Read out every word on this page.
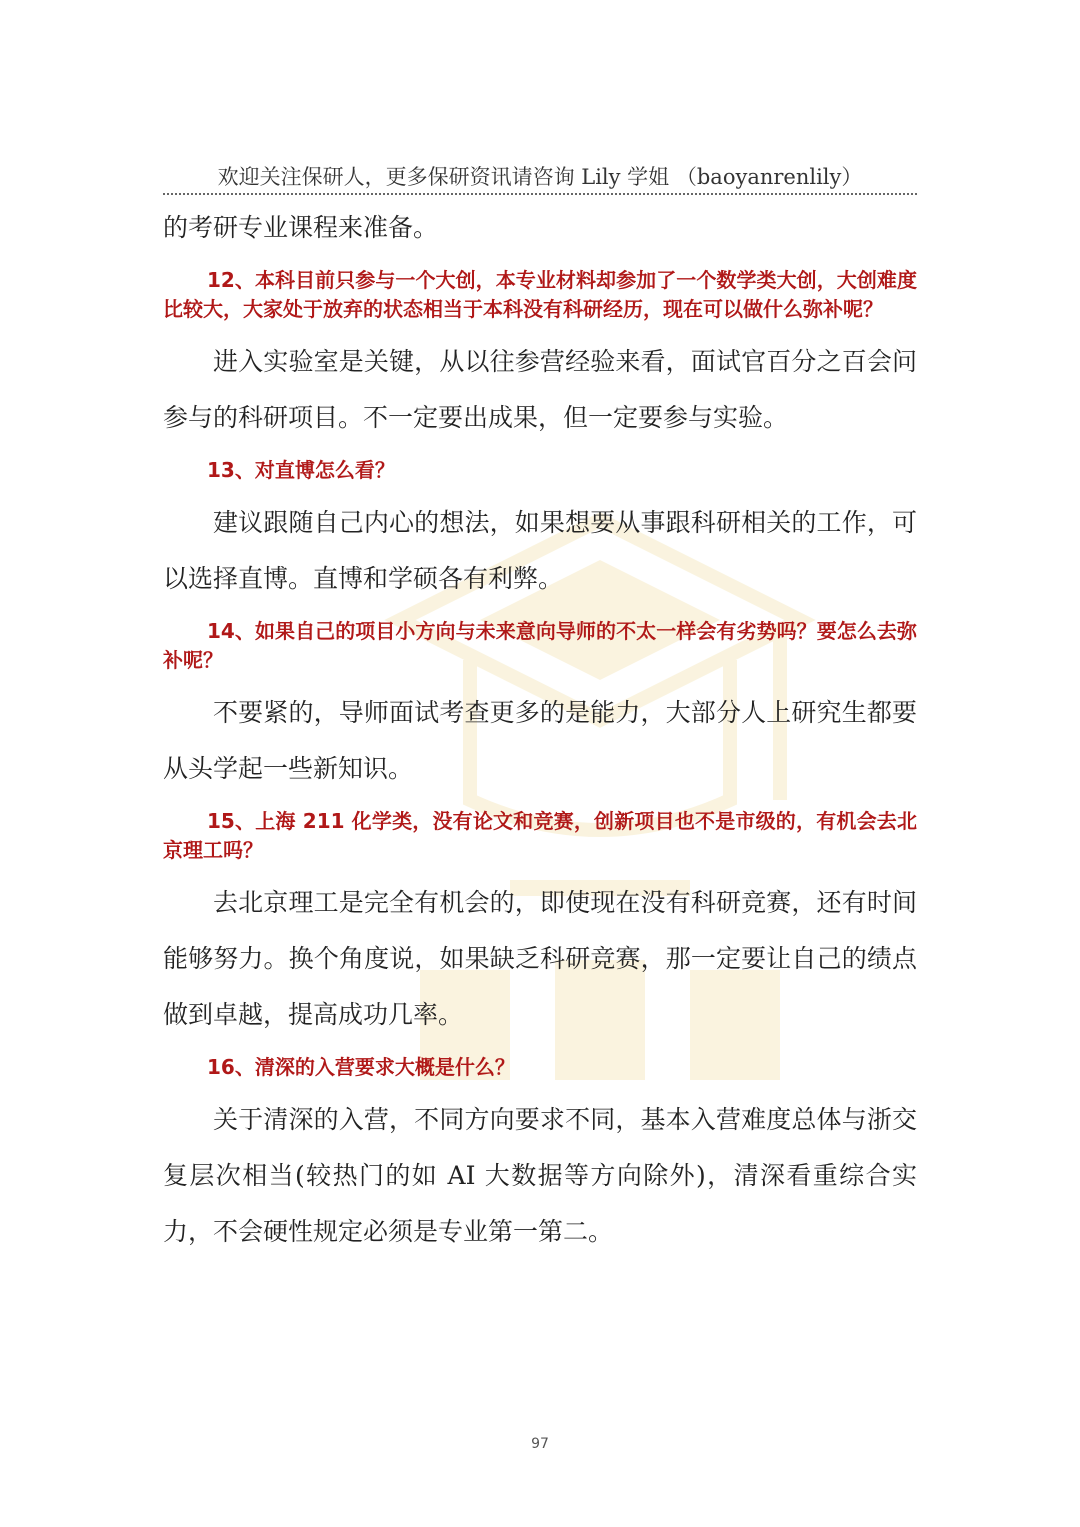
欢迎关注保研人，更多保研资讯请咨询 Lily 学姐 （baoyanrenlily）

的考研专业课程来准备。

12、本科目前只参与一个大创，本专业材料却参加了一个数学类大创，大创难度比较大，大家处于放弃的状态相当于本科没有科研经历，现在可以做什么弥补呢？

进入实验室是关键，从以往参营经验来看，面试官百分之百会问参与的科研项目。不一定要出成果，但一定要参与实验。

13、对直博怎么看？

建议跟随自己内心的想法，如果想要从事跟科研相关的工作，可以选择直博。直博和学硕各有利弊。

14、如果自己的项目小方向与未来意向导师的不太一样会有劣势吗？要怎么去弥补呢？

不要紧的，导师面试考查更多的是能力，大部分人上研究生都要从头学起一些新知识。

15、上海 211 化学类，没有论文和竞赛，创新项目也不是市级的，有机会去北京理工吗？

去北京理工是完全有机会的，即使现在没有科研竞赛，还有时间能够努力。换个角度说，如果缺乏科研竞赛，那一定要让自己的绩点做到卓越，提高成功几率。

16、清深的入营要求大概是什么？

关于清深的入营，不同方向要求不同，基本入营难度总体与浙交复层次相当(较热门的如 AI 大数据等方向除外)，清深看重综合实力，不会硬性规定必须是专业第一第二。

97
